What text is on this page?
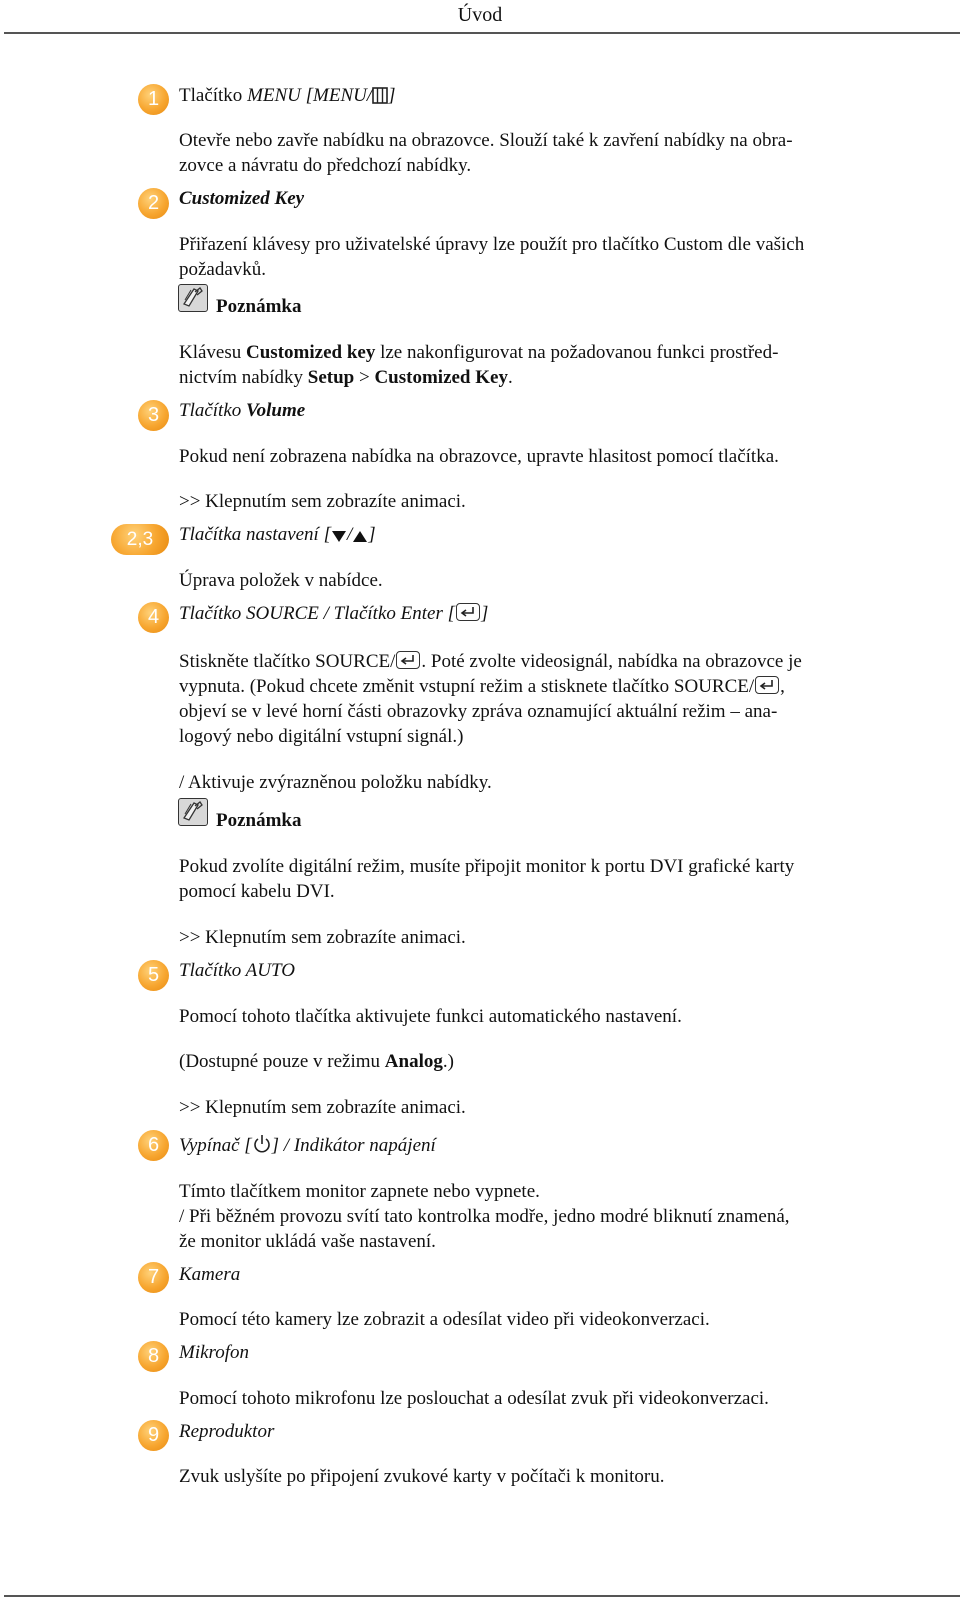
Úvod
1	Tlačítko MENU [MENU/ ]
Otevře nebo zavře nabídku na obrazovce. Slouží také k zavření nabídky na obra-
zovce a návratu do předchozí nabídky.
2	Customized Key
Přiřazení klávesy pro uživatelské úpravy lze použít pro tlačítko Custom dle vašich
požadavků.
Poznámka
Klávesu Customized key lze nakonfigurovat na požadovanou funkci prostřed-
nictvím nabídky Setup > Customized Key.
3	Tlačítko Volume
Pokud není zobrazena nabídka na obrazovce, upravte hlasitost pomocí tlačítka.
>> Klepnutím sem zobrazíte animaci.
2,3	Tlačítka nastavení [ / ]
Úprava položek v nabídce.
4	Tlačítko SOURCE / Tlačítko Enter [ ]
Stiskněte tlačítko SOURCE/ . Poté zvolte videosignál, nabídka na obrazovce je
vypnuta. (Pokud chcete změnit vstupní režim a stisknete tlačítko SOURCE/ ,
objeví se v levé horní části obrazovky zpráva oznamující aktuální režim – ana-
logový nebo digitální vstupní signál.)
/ Aktivuje zvýrazněnou položku nabídky.
Poznámka
Pokud zvolíte digitální režim, musíte připojit monitor k portu DVI grafické karty
pomocí kabelu DVI.
>> Klepnutím sem zobrazíte animaci.
5	Tlačítko AUTO
Pomocí tohoto tlačítka aktivujete funkci automatického nastavení.
(Dostupné pouze v režimu Analog.)
>> Klepnutím sem zobrazíte animaci.
6	Vypínač [ ] / Indikátor napájení
Tímto tlačítkem monitor zapnete nebo vypnete.
/ Při běžném provozu svítí tato kontrolka modře, jedno modré bliknutí znamená,
že monitor ukládá vaše nastavení.
7	Kamera
Pomocí této kamery lze zobrazit a odesílat video při videokonverzaci.
8	Mikrofon
Pomocí tohoto mikrofonu lze poslouchat a odesílat zvuk při videokonverzaci.
9	Reproduktor
Zvuk uslyšíte po připojení zvukové karty v počítači k monitoru.
